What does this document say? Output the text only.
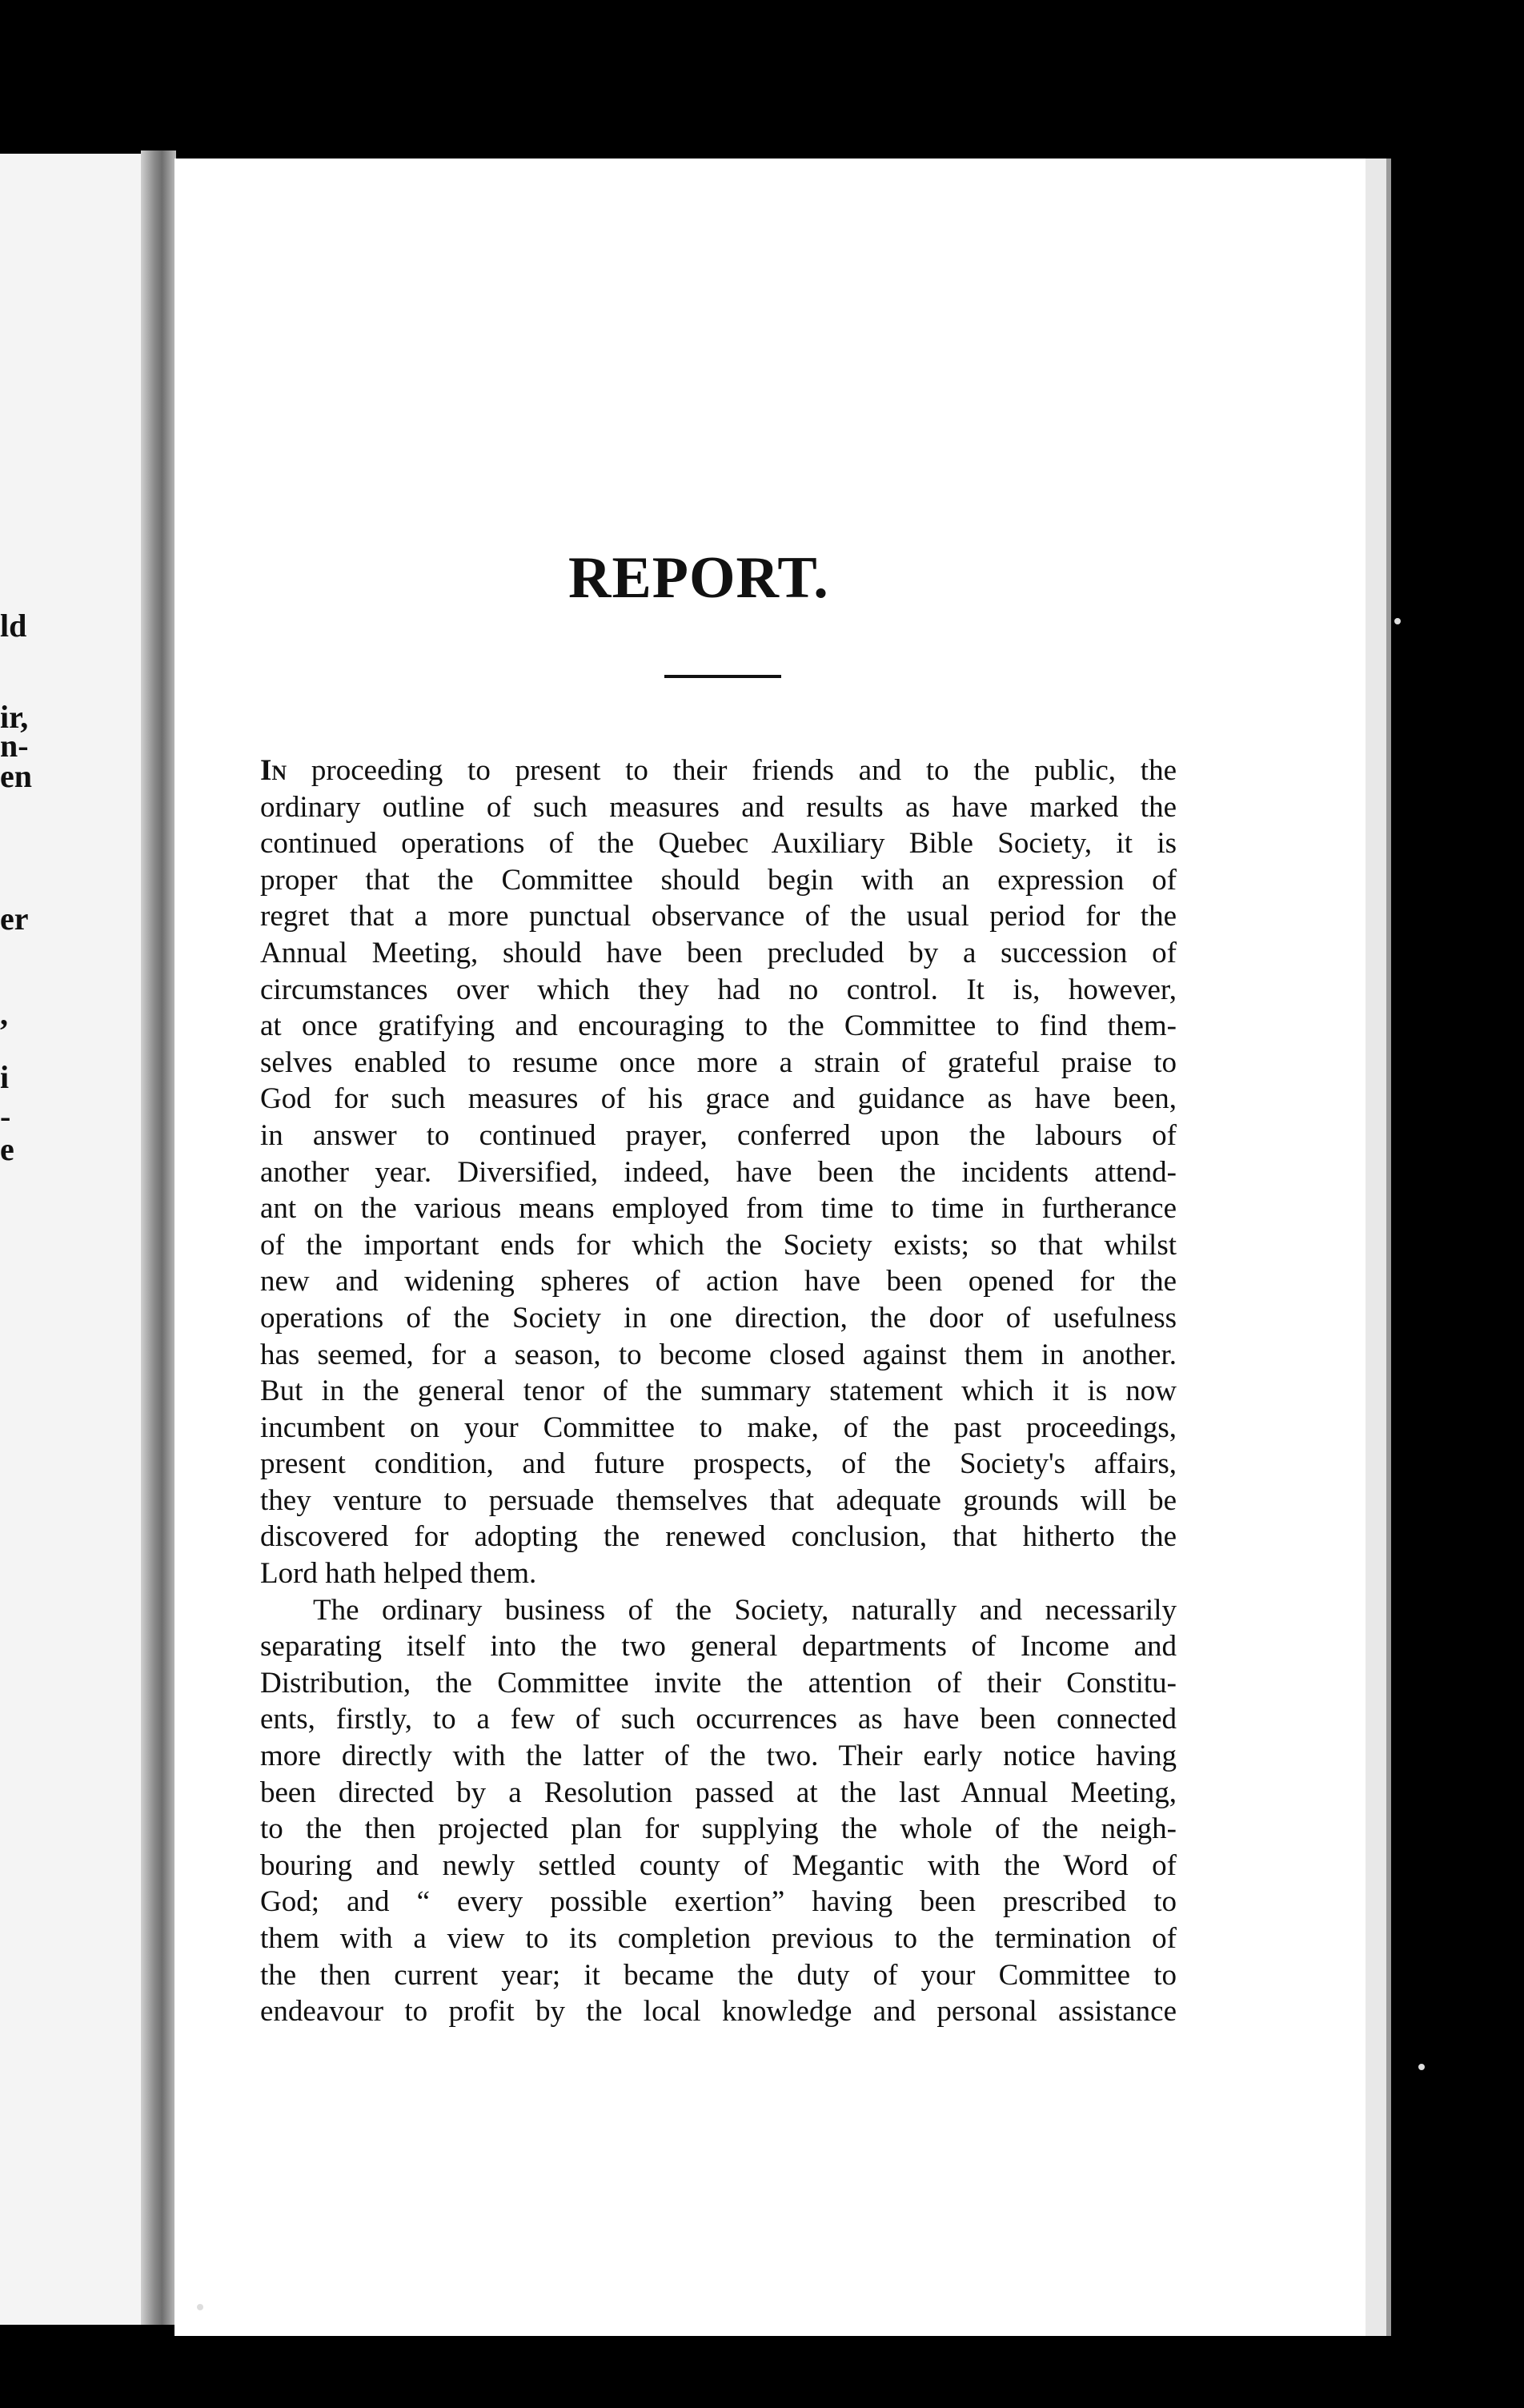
ld
ir,
n-
en
er
,
i
-
e
REPORT.
In proceeding to present to their friends and to the public, the
ordinary outline of such measures and results as have marked the
continued operations of the Quebec Auxiliary Bible Society, it is
proper that the Committee should begin with an expression of
regret that a more punctual observance of the usual period for the
Annual Meeting, should have been precluded by a succession of
circumstances over which they had no control. It is, however,
at once gratifying and encouraging to the Committee to find them-
selves enabled to resume once more a strain of grateful praise to
God for such measures of his grace and guidance as have been,
in answer to continued prayer, conferred upon the labours of
another year. Diversified, indeed, have been the incidents attend-
ant on the various means employed from time to time in furtherance
of the important ends for which the Society exists; so that whilst
new and widening spheres of action have been opened for the
operations of the Society in one direction, the door of usefulness
has seemed, for a season, to become closed against them in another.
But in the general tenor of the summary statement which it is now
incumbent on your Committee to make, of the past proceedings,
present condition, and future prospects, of the Society's affairs,
they venture to persuade themselves that adequate grounds will be
discovered for adopting the renewed conclusion, that hitherto the
Lord hath helped them.
The ordinary business of the Society, naturally and necessarily
separating itself into the two general departments of Income and
Distribution, the Committee invite the attention of their Constitu-
ents, firstly, to a few of such occurrences as have been connected
more directly with the latter of the two. Their early notice having
been directed by a Resolution passed at the last Annual Meeting,
to the then projected plan for supplying the whole of the neigh-
bouring and newly settled county of Megantic with the Word of
God; and “ every possible exertion” having been prescribed to
them with a view to its completion previous to the termination of
the then current year; it became the duty of your Committee to
endeavour to profit by the local knowledge and personal assistance
